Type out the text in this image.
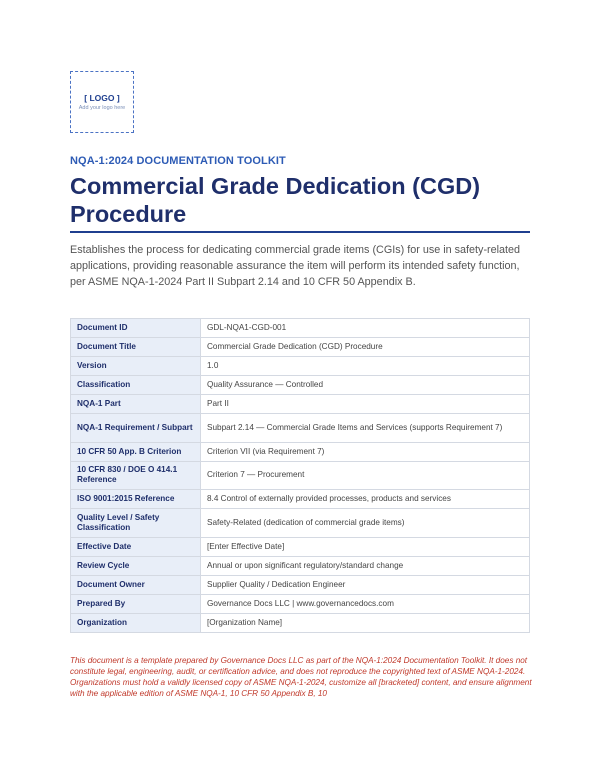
[ LOGO ]
Add your logo here
NQA-1:2024 DOCUMENTATION TOOLKIT
Commercial Grade Dedication (CGD) Procedure

Establishes the process for dedicating commercial grade items (CGIs) for use in safety-related applications, providing reasonable assurance the item will perform its intended safety function, per ASME NQA-1-2024 Part II Subpart 2.14 and 10 CFR 50 Appendix B.

Document ID	GDL-NQA1-CGD-001
Document Title	Commercial Grade Dedication (CGD) Procedure
Version	1.0
Classification	Quality Assurance — Controlled
NQA-1 Part	Part II
NQA-1 Requirement / Subpart	Subpart 2.14 — Commercial Grade Items and Services (supports Requirement 7)
10 CFR 50 App. B Criterion	Criterion VII (via Requirement 7)
10 CFR 830 / DOE O 414.1 Reference	Criterion 7 — Procurement
ISO 9001:2015 Reference	8.4 Control of externally provided processes, products and services
Quality Level / Safety Classification	Safety-Related (dedication of commercial grade items)
Effective Date	[Enter Effective Date]
Review Cycle	Annual or upon significant regulatory/standard change
Document Owner	Supplier Quality / Dedication Engineer
Prepared By	Governance Docs LLC | www.governancedocs.com
Organization	[Organization Name]

This document is a template prepared by Governance Docs LLC as part of the NQA-1:2024 Documentation Toolkit. It does not constitute legal, engineering, audit, or certification advice, and does not reproduce the copyrighted text of ASME NQA-1-2024. Organizations must hold a validly licensed copy of ASME NQA-1-2024, customize all [bracketed] content, and ensure alignment with the applicable edition of ASME NQA-1, 10 CFR 50 Appendix B, 10
